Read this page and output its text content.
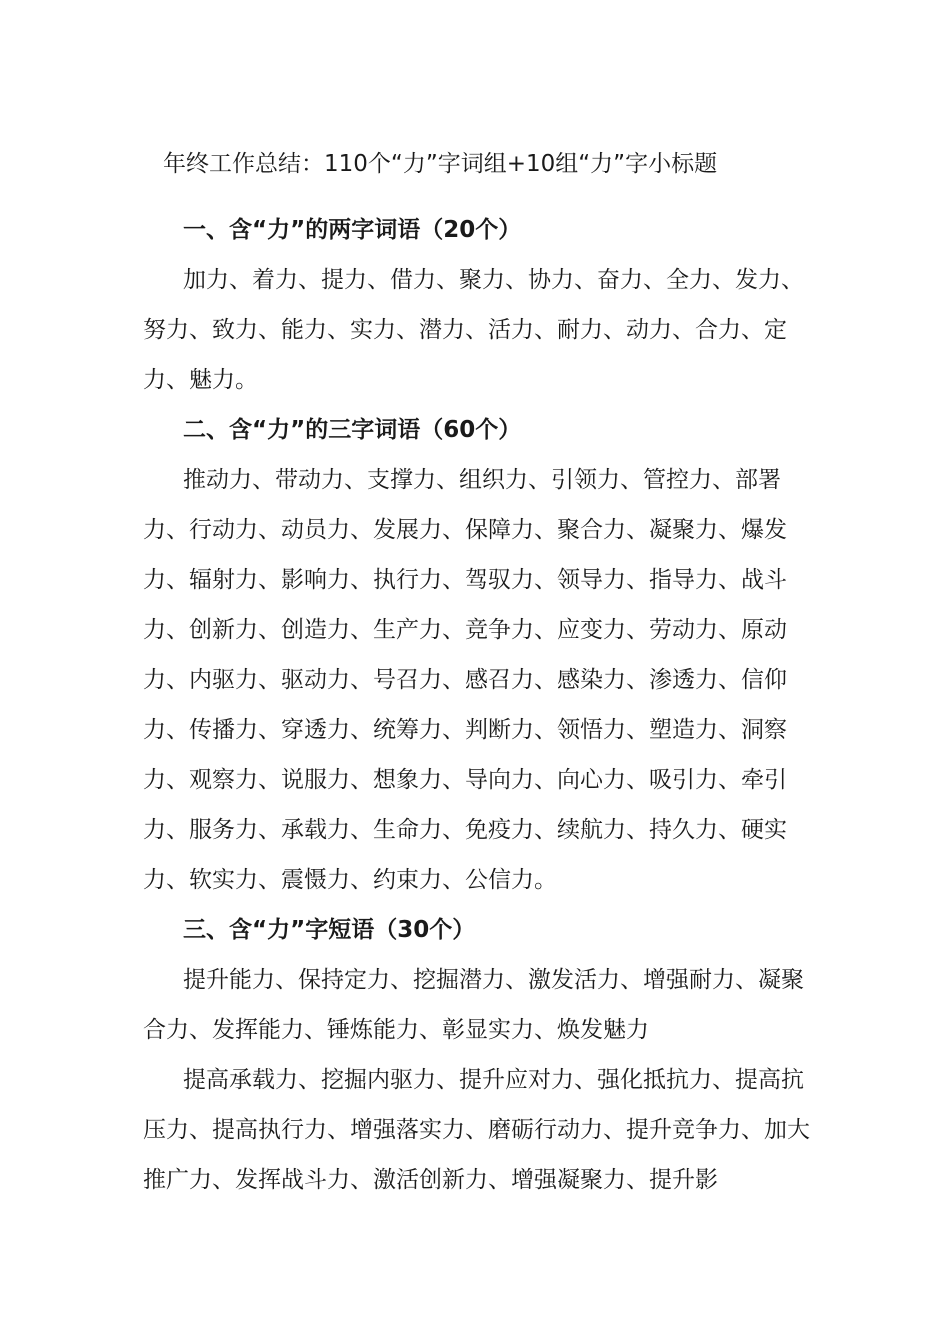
年终工作总结：110个“力”字词组+10组“力”字小标题

一、含“力”的两字词语（20个）

加力、着力、提力、借力、聚力、协力、奋力、全力、发力、努力、致力、能力、实力、潜力、活力、耐力、动力、合力、定力、魅力。

二、含“力”的三字词语（60个）

推动力、带动力、支撑力、组织力、引领力、管控力、部署力、行动力、动员力、发展力、保障力、聚合力、凝聚力、爆发力、辐射力、影响力、执行力、驾驭力、领导力、指导力、战斗力、创新力、创造力、生产力、竞争力、应变力、劳动力、原动力、内驱力、驱动力、号召力、感召力、感染力、渗透力、信仰力、传播力、穿透力、统筹力、判断力、领悟力、塑造力、洞察力、观察力、说服力、想象力、导向力、向心力、吸引力、牵引力、服务力、承载力、生命力、免疫力、续航力、持久力、硬实力、软实力、震慑力、约束力、公信力。

三、含“力”字短语（30个）

提升能力、保持定力、挖掘潜力、激发活力、增强耐力、凝聚合力、发挥能力、锤炼能力、彰显实力、焕发魅力

提高承载力、挖掘内驱力、提升应对力、强化抵抗力、提高抗压力、提高执行力、增强落实力、磨砺行动力、提升竞争力、加大推广力、发挥战斗力、激活创新力、增强凝聚力、提升影
